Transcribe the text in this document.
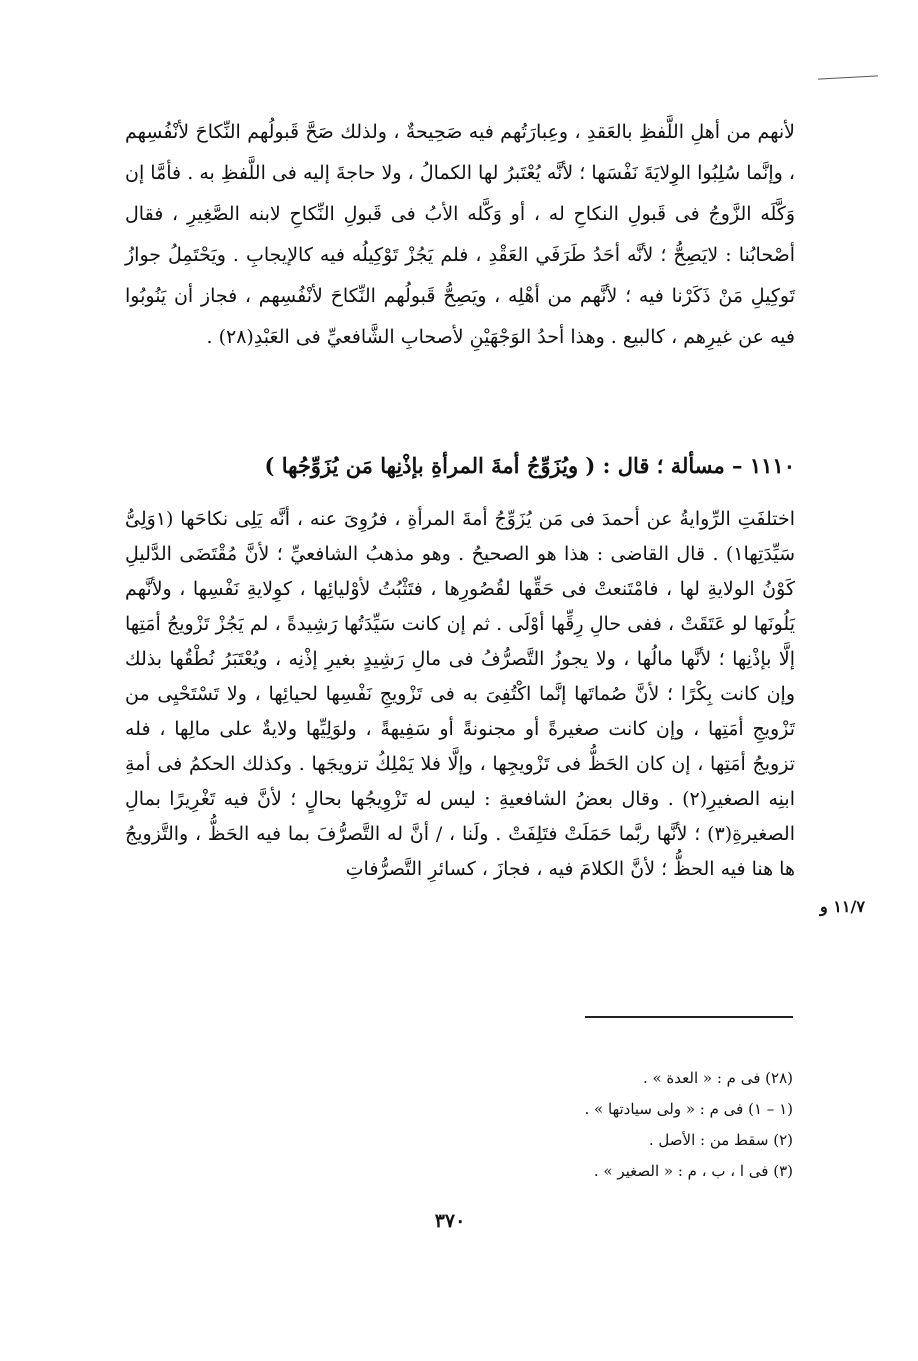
لأنهم من أهلِ اللَّفظِ بالعَقدِ ، وعِبارَتُهم فيه صَحِيحةٌ ، ولذلك صَحَّ قَبولُهم النِّكاحَ لأنْفُسِهم ، وإنَّما سُلِبُوا الوِلايَةَ نَفْسَها ؛ لأنَّه يُعْتَبرُ لها الكمالُ ، ولا حاجةَ إليه فى اللَّفظِ به . فأمَّا إن وَكَّلَه الزَّوجُ فى قَبولِ النكاحِ له ، أو وَكَّله الأبُ فى قَبولِ النِّكاحِ لابنه الصَّغِيرِ ، فقال أصْحابُنا : لايَصِحُّ ؛ لأنَّه أحَدُ طَرَفَي العَقْدِ ، فلم يَجُزْ تَوْكِيلُه فيه كالإيجابِ . ويَحْتَمِلُ جوازُ تَوكِيلِ مَنْ ذَكَرْنا فيه ؛ لأنَّهم من أهْلِه ، ويَصِحُّ قَبولُهم النِّكاحَ لأنْفُسِهم ، فجاز أن يَنُوبُوا فيه عن غيرِهم ، كالبيع . وهذا أحدُ الوَجْهَيْنِ لأصحابِ الشَّافعيِّ فى العَبْدِ(٢٨) .
١١١٠ – مسألة ؛ قال : ( ويُزَوِّجُ أمةَ المرأةِ بإذْنِها مَن يُزَوِّجُها )
اختلفَتِ الرِّوايةُ عن أحمدَ فى مَن يُزَوِّجُ أمةَ المرأةِ ، فرُوِىَ عنه ، أنَّه يَلِى نكاحَها (١وَلِىُّ سَيِّدَتِها١) . قال القاضى : هذا هو الصحيحُ . وهو مذهبُ الشافعيِّ ؛ لأنَّ مُقْتَضَى الدَّليلِ كَوْنُ الولايةِ لها ، فامْتَنعتْ فى حَقِّها لقُصُورِها ، فتَثْبُتُ لأوْليائِها ، كوِلايةِ نَفْسِها ، ولأنَّهم يَلُونَها لو عَتَقَتْ ، ففى حالِ رِقِّها أوْلَى . ثم إن كانت سَيِّدَتُها رَشِيدةً ، لم يَجُزْ تَزْويجُ أمَتِها إلَّا بإذْنِها ؛ لأنَّها مالُها ، ولا يجوزُ التَّصرُّفُ فى مالِ رَشِيدٍ بغيرِ إذْنِه ، ويُعْتَبَرُ نُطْقُها بذلك وإن كانت بِكْرًا ؛ لأنَّ صُماتَها إنَّما اكْتُفِىَ به فى تَزْويجِ نَفْسِها لحيائِها ، ولا تَسْتَحْيِى من تَزْويجِ أمَتِها ، وإن كانت صغيرةً أو مجنونةً أو سَفِيهةً ، ولوَلِيِّها ولايةٌ على مالِها ، فله تزويجُ أمَتِها ، إن كان الحَظُّ فى تَزْويجِها ، وإلَّا فلا يَمْلِكُ تزويجَها . وكذلك الحكمُ فى أمةِ ابنِه الصغيرِ(٢) . وقال بعضُ الشافعيةِ : ليس له تَزْوِيجُها بحالٍ ؛ لأنَّ فيه تَغْرِيرًا بمالِ الصغيرةِ(٣) ؛ لأنَّها ربَّما حَمَلَتْ فتَلِفَتْ . ولَنا ، / أنَّ له التَّصرُّفَ بما فيه الحَظُّ ، والتَّزويجُ ها هنا فيه الحظُّ ؛ لأنَّ الكلامَ فيه ، فجازَ ، كسائرِ التَّصرُّفاتِ
١١/٧ و
(٢٨) فى م : « العدة » .
(١ – ١) فى م : « ولى سيادتها » .
(٢) سقط من : الأصل .
(٣) فى ا ، ب ، م : « الصغير » .
٣٧٠
